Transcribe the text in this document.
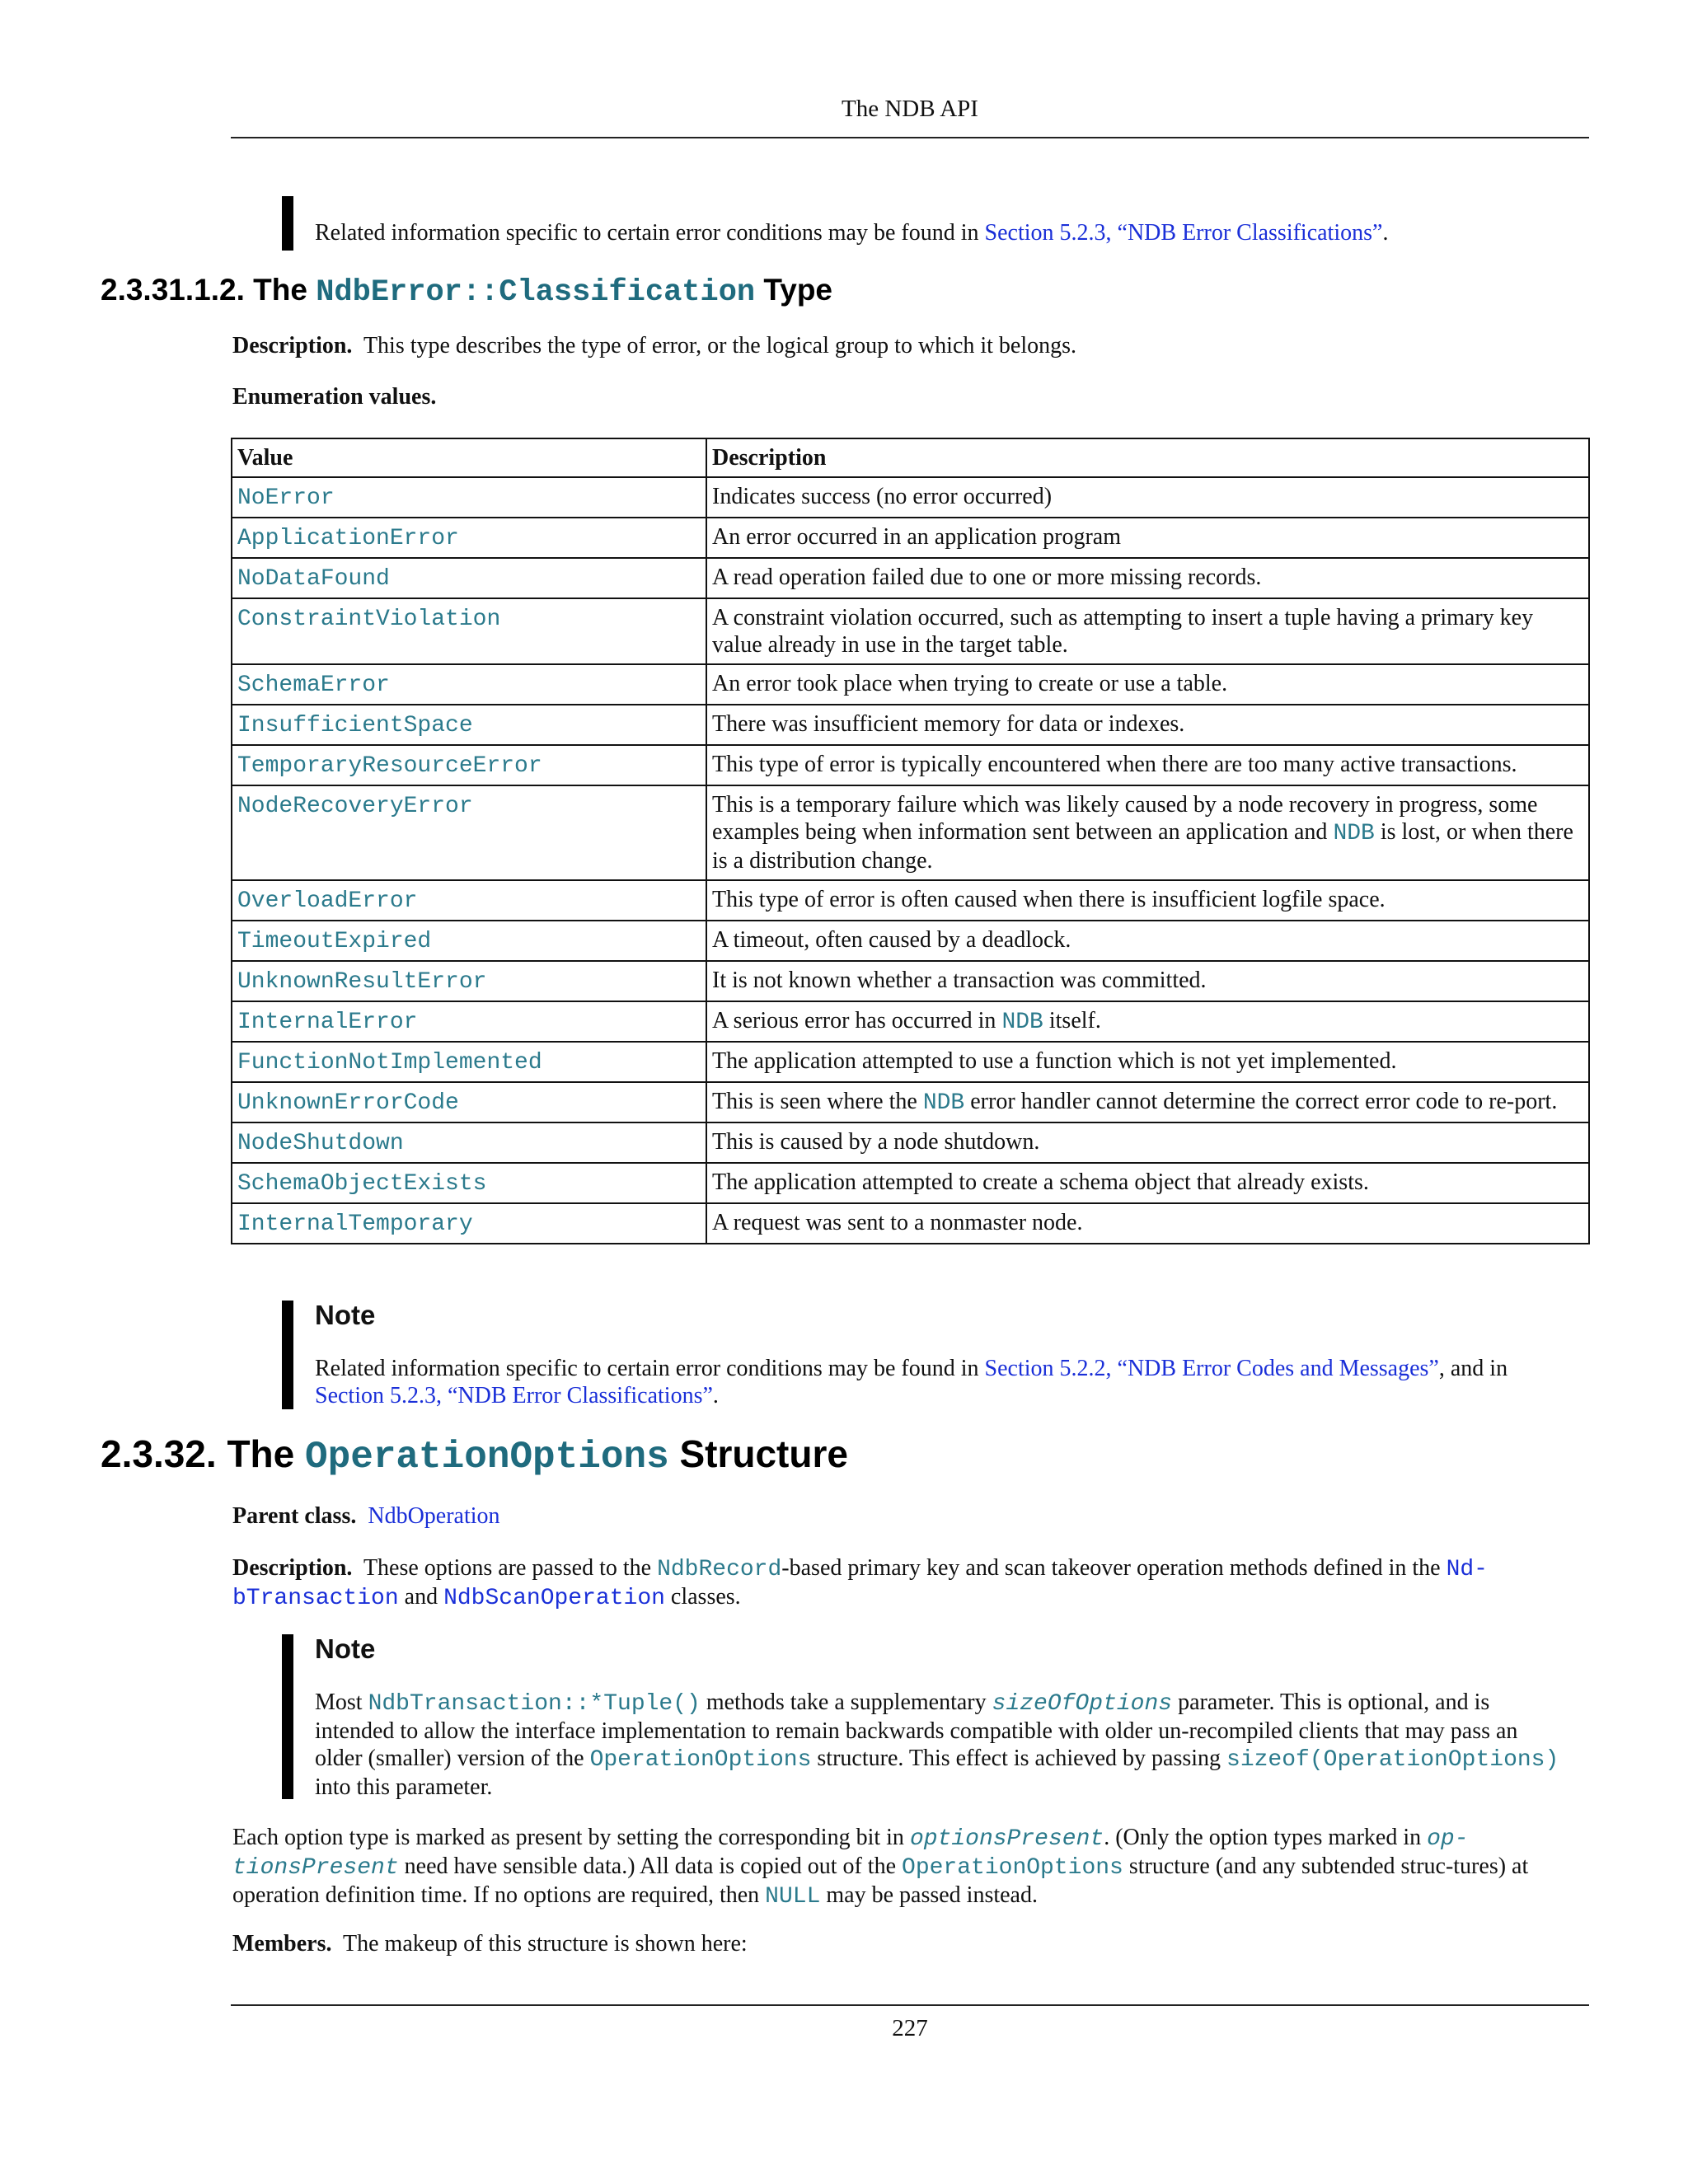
The NDB API

Related information specific to certain error conditions may be found in Section 5.2.3, “NDB Error Classifications”.

2.3.31.1.2. The NdbError::Classification Type

Description. This type describes the type of error, or the logical group to which it belongs.

Enumeration values.

Value	Description
NoError	Indicates success (no error occurred)
ApplicationError	An error occurred in an application program
NoDataFound	A read operation failed due to one or more missing records.
ConstraintViolation	A constraint violation occurred, such as attempting to insert a tuple having a primary key value already in use in the target table.
SchemaError	An error took place when trying to create or use a table.
InsufficientSpace	There was insufficient memory for data or indexes.
TemporaryResourceError	This type of error is typically encountered when there are too many active transactions.
NodeRecoveryError	This is a temporary failure which was likely caused by a node recovery in progress, some examples being when information sent between an application and NDB is lost, or when there is a distribution change.
OverloadError	This type of error is often caused when there is insufficient logfile space.
TimeoutExpired	A timeout, often caused by a deadlock.
UnknownResultError	It is not known whether a transaction was committed.
InternalError	A serious error has occurred in NDB itself.
FunctionNotImplemented	The application attempted to use a function which is not yet implemented.
UnknownErrorCode	This is seen where the NDB error handler cannot determine the correct error code to re-port.
NodeShutdown	This is caused by a node shutdown.
SchemaObjectExists	The application attempted to create a schema object that already exists.
InternalTemporary	A request was sent to a nonmaster node.
Note

Related information specific to certain error conditions may be found in Section 5.2.2, “NDB Error Codes and Messages”, and in Section 5.2.3, “NDB Error Classifications”.

2.3.32. The OperationOptions Structure

Parent class. NdbOperation

Description. These options are passed to the NdbRecord-based primary key and scan takeover operation methods defined in the Nd-bTransaction and NdbScanOperation classes.

Note

Most NdbTransaction::*Tuple() methods take a supplementary sizeOfOptions parameter. This is optional, and is intended to allow the interface implementation to remain backwards compatible with older un-recompiled clients that may pass an older (smaller) version of the OperationOptions structure. This effect is achieved by passing sizeof(OperationOptions) into this parameter.

Each option type is marked as present by setting the corresponding bit in optionsPresent. (Only the option types marked in op-tionsPresent need have sensible data.) All data is copied out of the OperationOptions structure (and any subtended struc-tures) at operation definition time. If no options are required, then NULL may be passed instead.

Members. The makeup of this structure is shown here:

227
